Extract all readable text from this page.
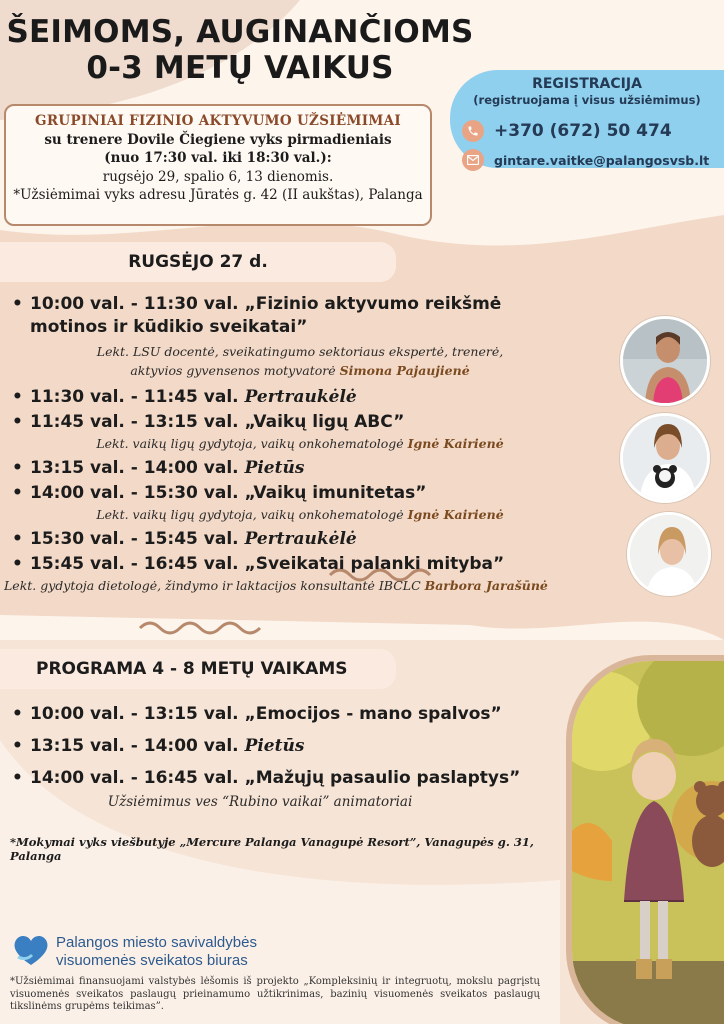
ŠEIMOMS, AUGINANČIOMS
0-3 METŲ VAIKUS	REGISTRACIJA
(registruojama į visus užsiėmimus)
+370 (672) 50 474
gintare.vaitke@palangosvsb.lt
GRUPINIAI FIZINIO AKTYVUMO UŽSIĖMIMAI
su trenere Dovile Čiegiene vyks pirmadieniais
(nuo 17:30 val. iki 18:30 val.):
rugsėjo 29, spalio 6, 13 dienomis.
*Užsiėmimai vyks adresu Jūratės g. 42 (II aukštas), Palanga
RUGSĖJO 27 d.
• 10:00 val. - 11:30 val. „Fizinio aktyvumo reikšmė motinos ir kūdikio sveikatai”
Lekt. LSU docentė, sveikatingumo sektoriaus ekspertė, trenerė,
aktyvios gyvensenos motyvatorė Simona Pajaujienė
• 11:30 val. - 11:45 val. Pertraukėlė
• 11:45 val. - 13:15 val. „Vaikų ligų ABC”
Lekt. vaikų ligų gydytoja, vaikų onkohematologė Ignė Kairienė
• 13:15 val. - 14:00 val. Pietūs
• 14:00 val. - 15:30 val. „Vaikų imunitetas”
Lekt. vaikų ligų gydytoja, vaikų onkohematologė Ignė Kairienė
• 15:30 val. - 15:45 val. Pertraukėlė
• 15:45 val. - 16:45 val. „Sveikatai palanki mityba”
Lekt. gydytoja dietologė, žindymo ir laktacijos konsultantė IBCLC Barbora Jarašūnė
PROGRAMA 4 - 8 METŲ VAIKAMS
• 10:00 val. - 13:15 val. „Emocijos - mano spalvos”
• 13:15 val. - 14:00 val. Pietūs
• 14:00 val. - 16:45 val. „Mažųjų pasaulio paslaptys”
Užsiėmimus ves “Rubino vaikai” animatoriai
*Mokymai vyks viešbutyje „Mercure Palanga Vanagupė Resort”, Vanagupės g. 31, Palanga
Palangos miesto savivaldybės
visuomenės sveikatos biuras
*Užsiėmimai finansuojami valstybės lėšomis iš projekto „Kompleksinių ir integruotų, mokslu pagrįstų visuomenės sveikatos paslaugų prieinamumo užtikrinimas, bazinių visuomenės sveikatos paslaugų tikslinėms grupėms teikimas”.
